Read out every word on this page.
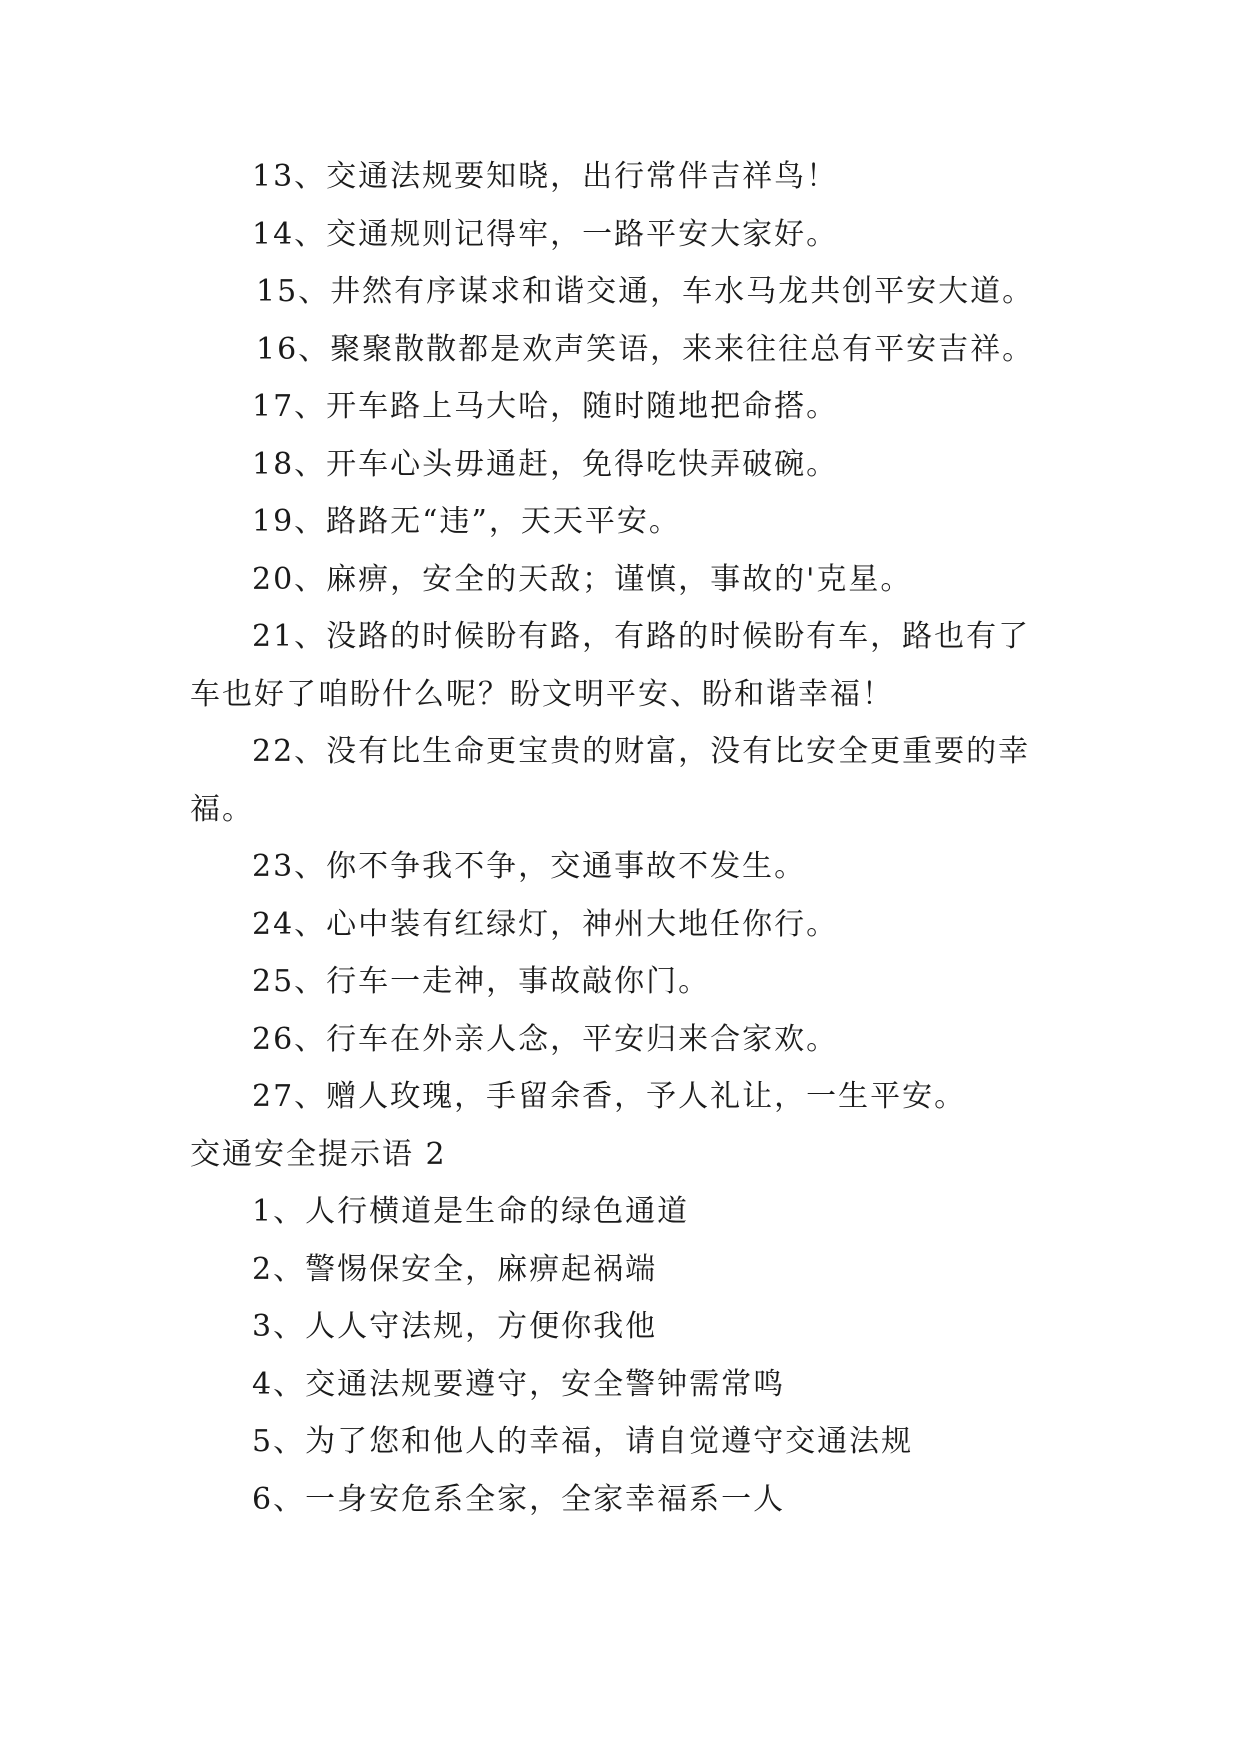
13、交通法规要知晓，出行常伴吉祥鸟！
14、交通规则记得牢，一路平安大家好。
15、井然有序谋求和谐交通，车水马龙共创平安大道。
16、聚聚散散都是欢声笑语，来来往往总有平安吉祥。
17、开车路上马大哈，随时随地把命搭。
18、开车心头毋通赶，免得吃快弄破碗。
19、路路无“违”，天天平安。
20、麻痹，安全的天敌；谨慎，事故的'克星。
21、没路的时候盼有路，有路的时候盼有车，路也有了
车也好了咱盼什么呢？盼文明平安、盼和谐幸福！
22、没有比生命更宝贵的财富，没有比安全更重要的幸
福。
23、你不争我不争，交通事故不发生。
24、心中装有红绿灯，神州大地任你行。
25、行车一走神，事故敲你门。
26、行车在外亲人念，平安归来合家欢。
27、赠人玫瑰，手留余香，予人礼让，一生平安。
交通安全提示语 2
1、人行横道是生命的绿色通道
2、警惕保安全，麻痹起祸端
3、人人守法规，方便你我他
4、交通法规要遵守，安全警钟需常鸣
5、为了您和他人的幸福，请自觉遵守交通法规
6、一身安危系全家，全家幸福系一人
